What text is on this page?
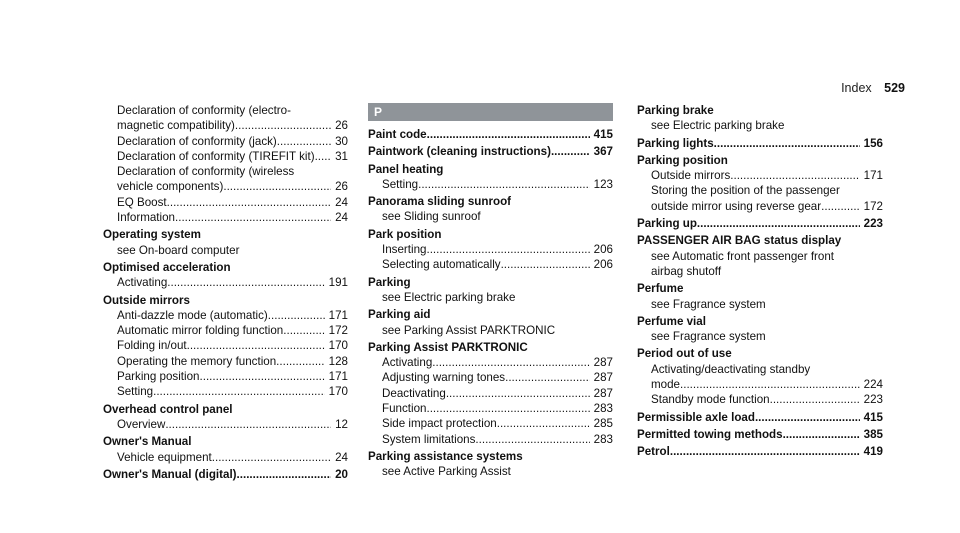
Index 529
Declaration of conformity (electro-
magnetic compatibility) .....	26
Declaration of conformity (jack) .....	30
Declaration of conformity (TIREFIT kit) .....	31
Declaration of conformity (wireless
vehicle components) .....	26
EQ Boost .....	24
Information .....	24
Operating system
see On-board computer
Optimised acceleration
Activating .....	191
Outside mirrors
Anti-dazzle mode (automatic) .....	171
Automatic mirror folding function .....	172
Folding in/out .....	170
Operating the memory function .....	128
Parking position .....	171
Setting .....	170
Overhead control panel
Overview .....	12
Owner's Manual
Vehicle equipment .....	24
Owner's Manual (digital) .....	20
P
Paint code .....	415
Paintwork (cleaning instructions) .....	367
Panel heating
Setting .....	123
Panorama sliding sunroof
see Sliding sunroof
Park position
Inserting .....	206
Selecting automatically .....	206
Parking
see Electric parking brake
Parking aid
see Parking Assist PARKTRONIC
Parking Assist PARKTRONIC
Activating .....	287
Adjusting warning tones .....	287
Deactivating .....	287
Function .....	283
Side impact protection .....	285
System limitations .....	283
Parking assistance systems
see Active Parking Assist
Parking brake
see Electric parking brake
Parking lights .....	156
Parking position
Outside mirrors .....	171
Storing the position of the passenger
outside mirror using reverse gear .....	172
Parking up .....	223
PASSENGER AIR BAG status display
see Automatic front passenger front
airbag shutoff
Perfume
see Fragrance system
Perfume vial
see Fragrance system
Period out of use
Activating/deactivating standby
mode .....	224
Standby mode function .....	223
Permissible axle load .....	415
Permitted towing methods .....	385
Petrol .....	419
